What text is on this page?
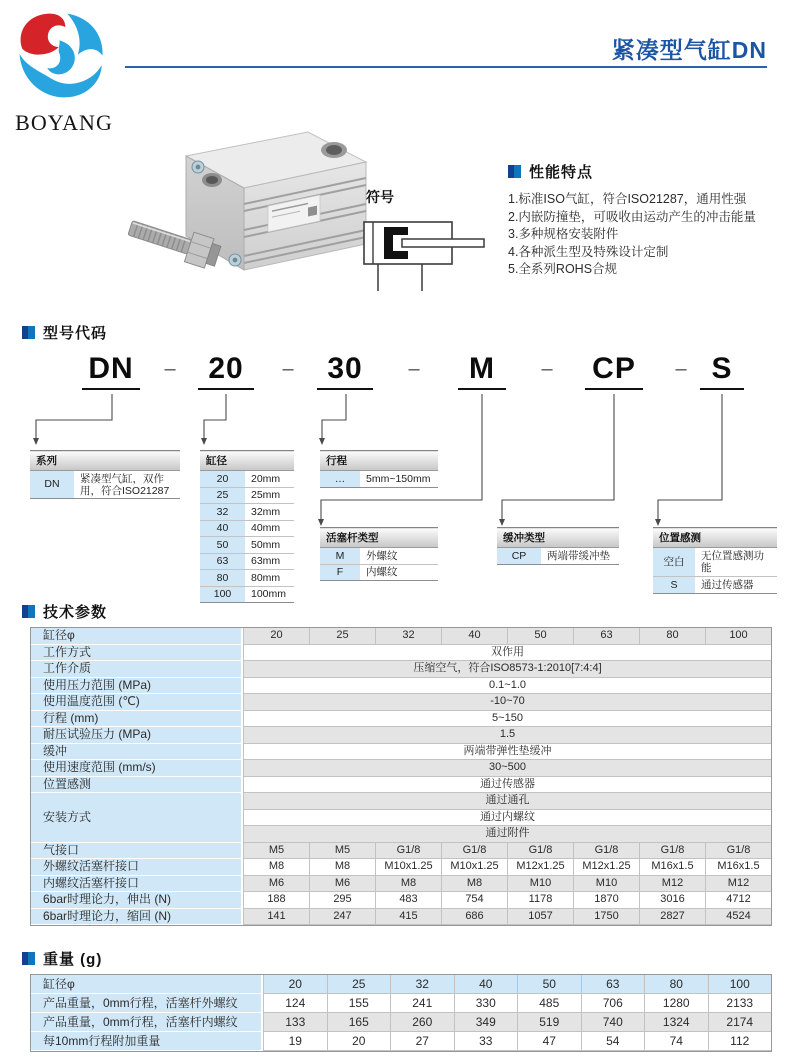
BOYANG
紧凑型气缸DN
符号
性能特点
1.标准ISO气缸，符合ISO21287，通用性强
2.内嵌防撞垫，可吸收由运动产生的冲击能量
3.多种规格安装附件
4.各种派生型及特殊设计定制
5.全系列ROHS合规
型号代码
DN	–	20	–	30	–	M	– CP	– S
系列
DN	紧凑型气缸，双作用，符合ISO21287
缸径	
20	20mm
25	25mm
32	32mm
40	40mm
50	50mm
63	63mm
80	80mm
100	100mm
行程
…	5mm~150mm
活塞杆类型	
M	外螺纹
F	内螺纹
缓冲类型
CP	两端带缓冲垫
位置感测	
空白	无位置感测功能
S	通过传感器
技术参数
缸径φ	20	25	32	40	50	63	80	100
工作方式	双作用							
工作介质	压缩空气，符合ISO8573-1:2010[7:4:4]							
使用压力范围 (MPa)	0.1~1.0							
使用温度范围 (℃)	-10~70							
行程 (mm)	5~150							
耐压试验压力 (MPa)	1.5							
缓冲	两端带弹性垫缓冲							
使用速度范围 (mm/s)	30~500							
位置感测	通过传感器							
安装方式	通过通孔							
	通过内螺纹							
	通过附件							
气接口	M5	M5	G1/8	G1/8	G1/8	G1/8	G1/8	G1/8
外螺纹活塞杆接口	M8	M8	M10x1.25	M10x1.25	M12x1.25	M12x1.25	M16x1.5	M16x1.5
内螺纹活塞杆接口	M6	M6	M8	M8	M10	M10	M12	M12
6bar时理论力，伸出 (N)	188	295	483	754	1178	1870	3016	4712
6bar时理论力，缩回 (N)	141	247	415	686	1057	1750	2827	4524
重量 (g)
缸径φ	20	25	32	40	50	63	80	100
产品重量，0mm行程，活塞杆外螺纹	124	155	241	330	485	706	1280	2133
产品重量，0mm行程，活塞杆内螺纹	133	165	260	349	519	740	1324	2174
每10mm行程附加重量	19	20	27	33	47	54	74	112
